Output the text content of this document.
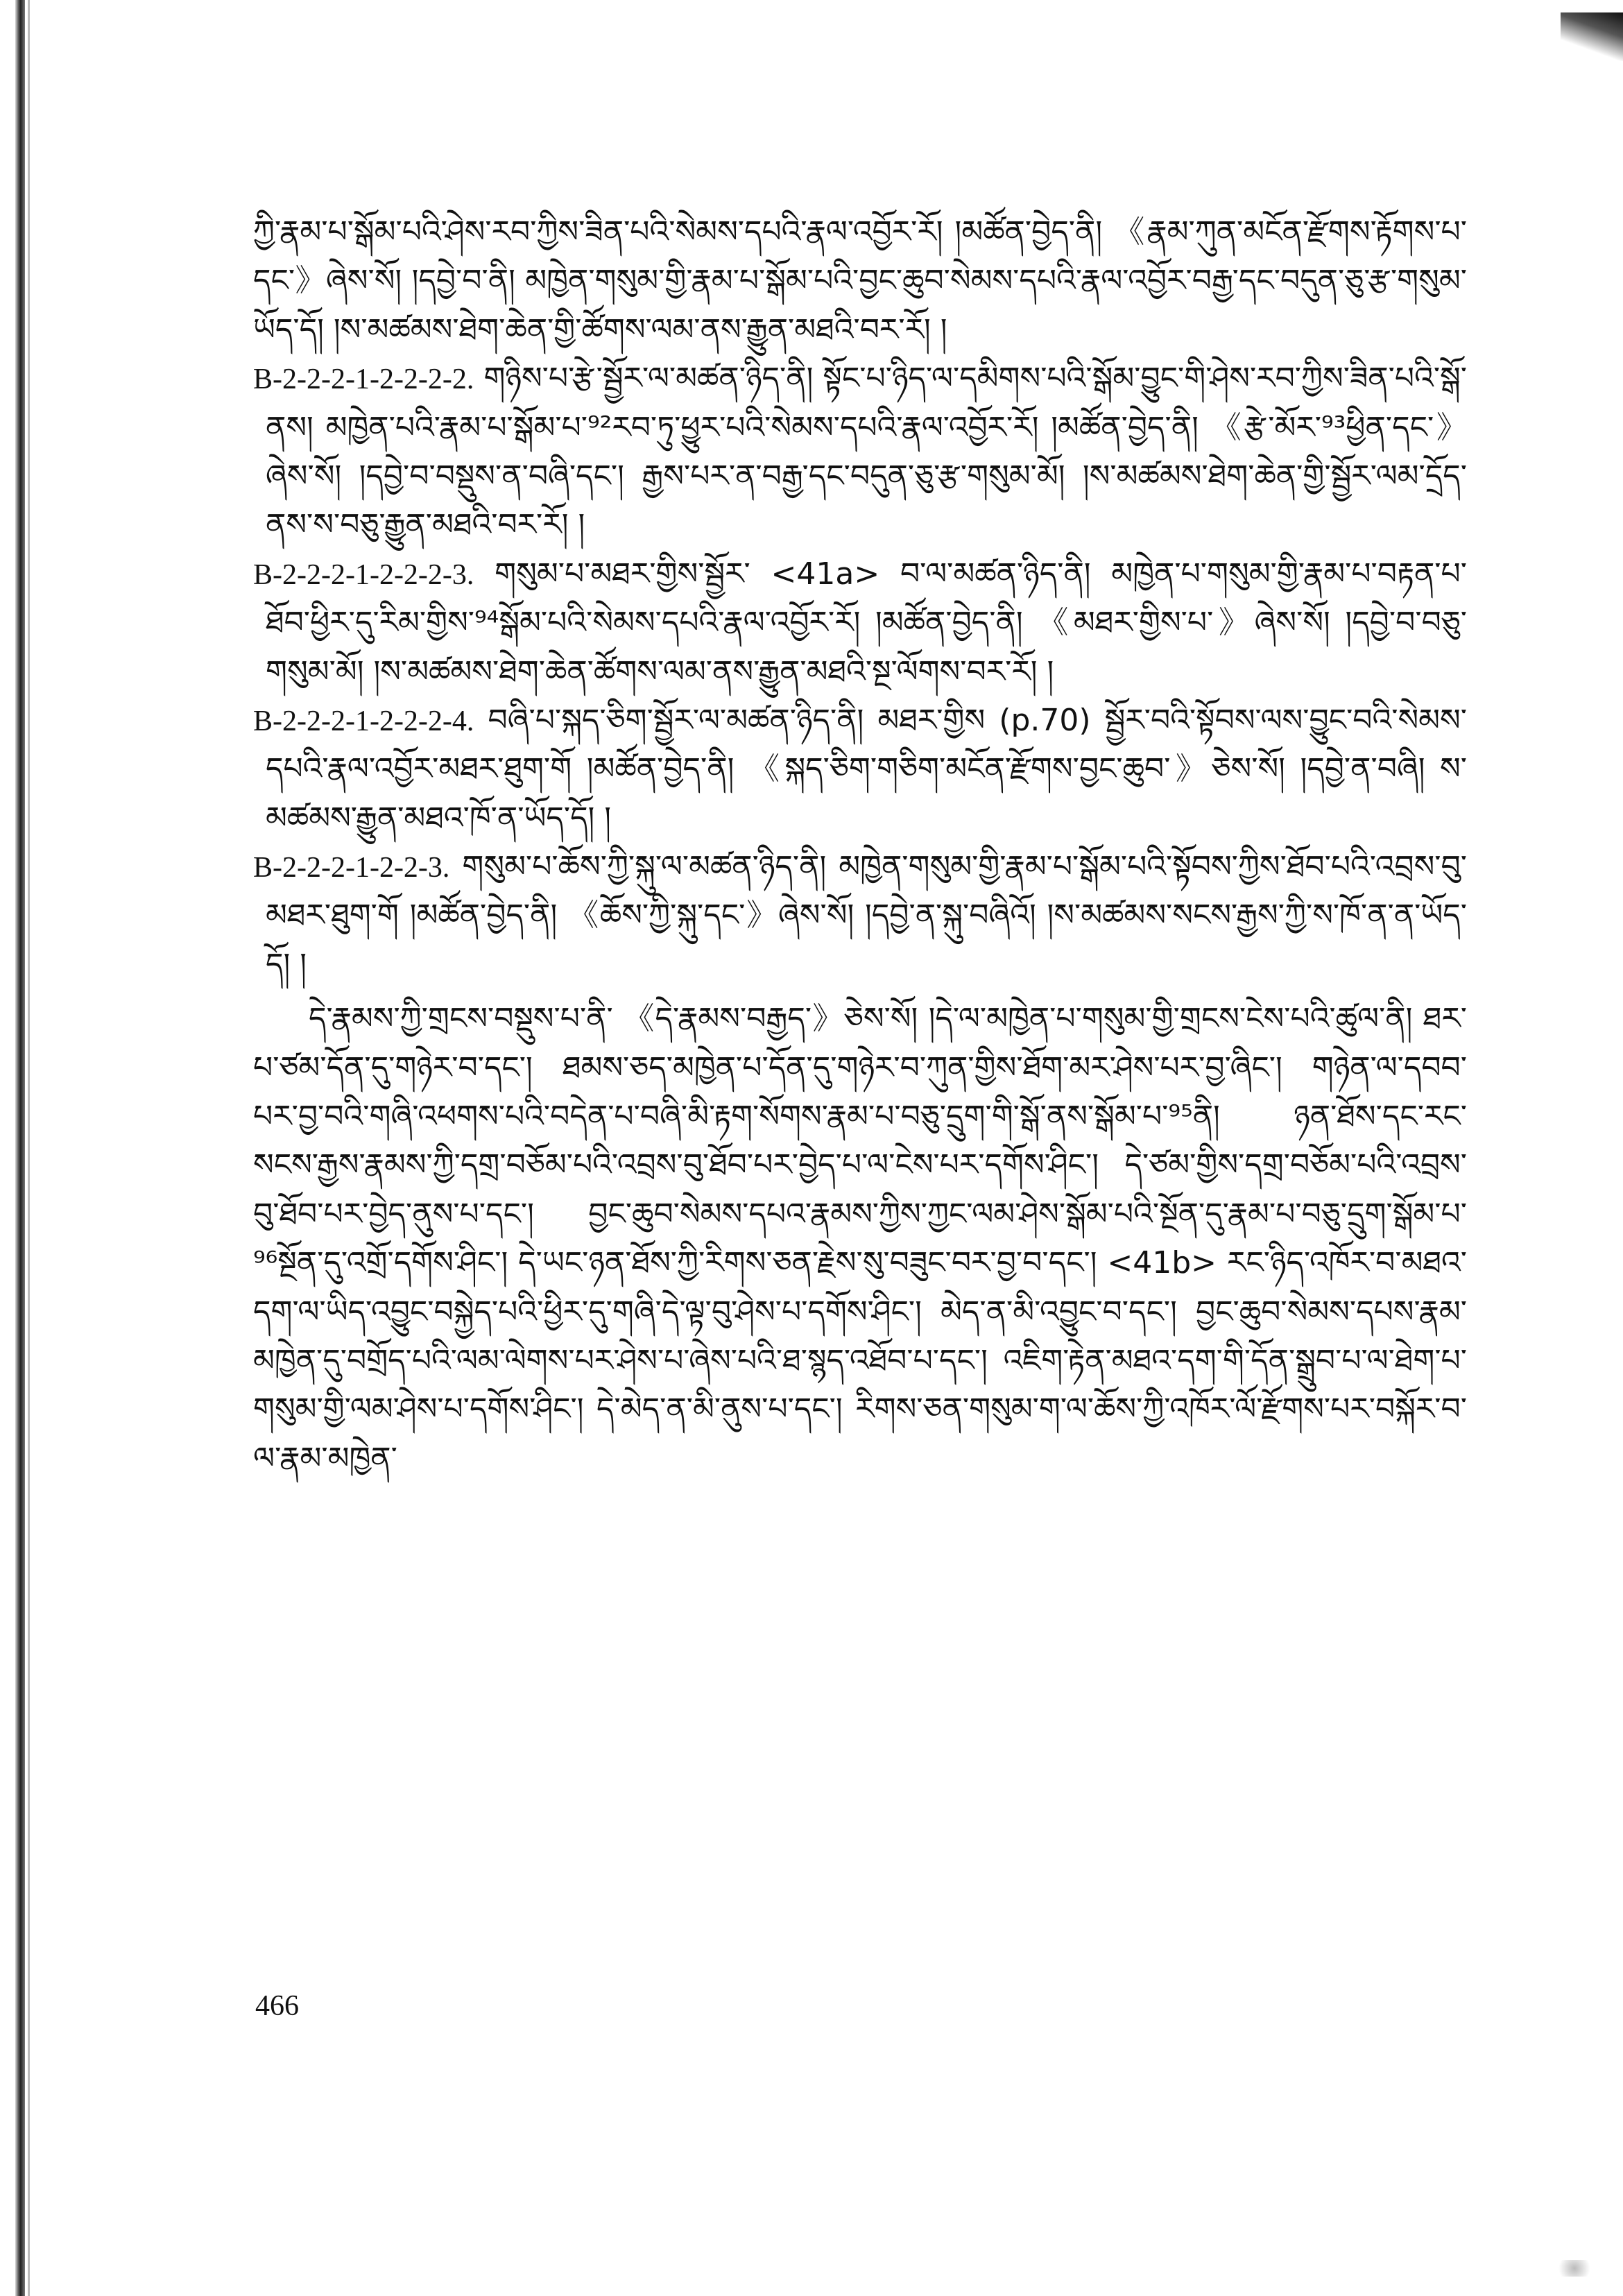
ཀྱི་རྣམ་པ་སྒོམ་པའི་ཤེས་རབ་ཀྱིས་ཟིན་པའི་སེམས་དཔའི་རྣལ་འབྱོར་རོ། །མཚོན་བྱེད་ནི། 《རྣམ་ཀུན་མངོན་རྫོགས་རྟོགས་པ་དང་》ཞེས་སོ། །དབྱེ་བ་ནི། མཁྱེན་གསུམ་གྱི་རྣམ་པ་སྒོམ་པའི་བྱང་ཆུབ་སེམས་དཔའི་རྣལ་འབྱོར་བརྒྱ་དང་བདུན་ཅུ་རྩ་གསུམ་ཡོད་དོ། །ས་མཚམས་ཐེག་ཆེན་གྱི་ཚོགས་ལམ་ནས་རྒྱུན་མཐའི་བར་རོ། །

B-2-2-2-1-2-2-2-2. གཉིས་པ་རྩེ་སྦྱོར་ལ་མཚན་ཉིད་ནི། སྟོང་པ་ཉིད་ལ་དམིགས་པའི་སྒོམ་བྱུང་གི་ཤེས་རབ་ཀྱིས་ཟིན་པའི་སྒོ་ནས། མཁྱེན་པའི་རྣམ་པ་སྒོམ་པ་⁹²རབ་ཏུ་ཕྱུར་པའི་སེམས་དཔའི་རྣལ་འབྱོར་རོ། །མཚོན་བྱེད་ནི། 《རྩེ་མོར་⁹³ཕྱིན་དང་》ཞེས་སོ། །དབྱེ་བ་བསྡུས་ན་བཞི་དང་། རྒྱས་པར་ན་བརྒྱ་དང་བདུན་ཅུ་རྩ་གསུམ་མོ། །ས་མཚམས་ཐེག་ཆེན་གྱི་སྦྱོར་ལམ་དྲོད་ནས་ས་བཅུ་རྒྱུན་མཐའི་བར་རོ། །

B-2-2-2-1-2-2-2-3. གསུམ་པ་མཐར་གྱིས་སྦྱོར་ <41a> བ་ལ་མཚན་ཉིད་ནི། མཁྱེན་པ་གསུམ་གྱི་རྣམ་པ་བརྟན་པ་ཐོབ་ཕྱིར་དུ་རིམ་གྱིས་⁹⁴སྒོམ་པའི་སེམས་དཔའི་རྣལ་འབྱོར་རོ། །མཚོན་བྱེད་ནི། 《མཐར་གྱིས་པ་》ཞེས་སོ། །དབྱེ་བ་བཅུ་གསུམ་མོ། །ས་མཚམས་ཐེག་ཆེན་ཚོགས་ལམ་ནས་རྒྱུན་མཐའི་སྔ་ལོགས་བར་རོ། །

B-2-2-2-1-2-2-2-4. བཞི་པ་སྐད་ཅིག་སྦྱོར་ལ་མཚན་ཉིད་ནི། མཐར་གྱིས (p.70) སྦྱོར་བའི་སྟོབས་ལས་བྱུང་བའི་སེམས་དཔའི་རྣལ་འབྱོར་མཐར་ཐུག་གོ །མཚོན་བྱེད་ནི། 《སྐད་ཅིག་གཅིག་མངོན་རྫོགས་བྱང་ཆུབ་》ཅེས་སོ། །དབྱེ་ན་བཞི། ས་མཚམས་རྒྱུན་མཐའ་ཁོ་ན་ཡོད་དོ། །

B-2-2-2-1-2-2-3. གསུམ་པ་ཆོས་ཀྱི་སྐུ་ལ་མཚན་ཉིད་ནི། མཁྱེན་གསུམ་གྱི་རྣམ་པ་སྒོམ་པའི་སྟོབས་ཀྱིས་ཐོབ་པའི་འབྲས་བུ་མཐར་ཐུག་གོ །མཚོན་བྱེད་ནི། 《ཆོས་ཀྱི་སྐུ་དང་》ཞེས་སོ། །དབྱེ་ན་སྐུ་བཞིའོ། །ས་མཚམས་སངས་རྒྱས་ཀྱི་ས་ཁོ་ན་ན་ཡོད་དོ། །

དེ་རྣམས་ཀྱི་གྲངས་བསྡུས་པ་ནི་ 《དེ་རྣམས་བརྒྱད་》ཅེས་སོ། །དེ་ལ་མཁྱེན་པ་གསུམ་གྱི་གྲངས་ངེས་པའི་ཚུལ་ནི། ཐར་པ་ཙམ་དོན་དུ་གཉེར་བ་དང་། ཐམས་ཅད་མཁྱེན་པ་དོན་དུ་གཉེར་བ་ཀུན་གྱིས་ཐོག་མར་ཤེས་པར་བྱ་ཞིང་། གཉེན་ལ་དབབ་པར་བྱ་བའི་གཞི་འཕགས་པའི་བདེན་པ་བཞི་མི་རྟག་སོགས་རྣམ་པ་བཅུ་དྲུག་གི་སྒོ་ནས་སྒོམ་པ་⁹⁵ནི། ཉན་ཐོས་དང་རང་སངས་རྒྱས་རྣམས་ཀྱི་དགྲ་བཅོམ་པའི་འབྲས་བུ་ཐོབ་པར་བྱེད་པ་ལ་ངེས་པར་དགོས་ཤིང་། དེ་ཙམ་གྱིས་དགྲ་བཅོམ་པའི་འབྲས་བུ་ཐོབ་པར་བྱེད་ནུས་པ་དང་། བྱང་ཆུབ་སེམས་དཔའ་རྣམས་ཀྱིས་ཀྱང་ལམ་ཤེས་སྒོམ་པའི་སྔོན་དུ་རྣམ་པ་བཅུ་དྲུག་སྒོམ་པ་⁹⁶སྔོན་དུ་འགྲོ་དགོས་ཤིང་། དེ་ཡང་ཉན་ཐོས་ཀྱི་རིགས་ཅན་རྗེས་སུ་བཟུང་བར་བྱ་བ་དང་། <41b> རང་ཉིད་འཁོར་བ་མཐའ་དག་ལ་ཡིད་འབྱུང་བསྐྱེད་པའི་ཕྱིར་དུ་གཞི་དེ་ལྟ་བུ་ཤེས་པ་དགོས་ཤིང་། མེད་ན་མི་འབྱུང་བ་དང་། བྱང་ཆུབ་སེམས་དཔས་རྣམ་མཁྱེན་དུ་བགྲོད་པའི་ལམ་ལེགས་པར་ཤེས་པ་ཞེས་པའི་ཐ་སྙད་འཐོབ་པ་དང་། འཇིག་རྟེན་མཐའ་དག་གི་དོན་སྒྲུབ་པ་ལ་ཐེག་པ་གསུམ་གྱི་ལམ་ཤེས་པ་དགོས་ཤིང་། དེ་མེད་ན་མི་ནུས་པ་དང་། རིགས་ཅན་གསུམ་ག་ལ་ཆོས་ཀྱི་འཁོར་ལོ་རྫོགས་པར་བསྐོར་བ་ལ་རྣམ་མཁྱེན་

466
